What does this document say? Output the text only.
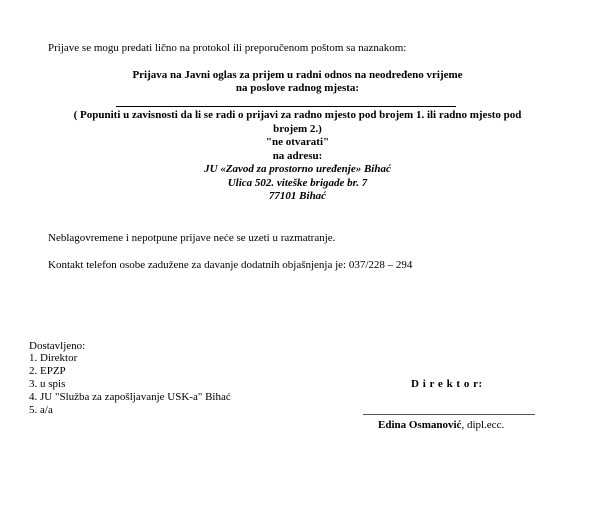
Prijave se mogu predati lično na protokol ili preporučenom poštom sa naznakom:
Prijava na Javni oglas za prijem u radni odnos na neodređeno vrijeme
na poslove radnog mjesta:
( Popuniti u zavisnosti da li se radi o prijavi za radno mjesto pod brojem 1. ili radno mjesto pod
brojem 2.)
"ne otvarati"
na adresu:
JU «Zavod za prostorno uređenje» Bihać
Ulica 502. viteške brigade br. 7
77101 Bihać
Neblagovremene i nepotpune prijave neće se uzeti u razmatranje.
Kontakt telefon osobe zadužene za davanje dodatnih objašnjenja je: 037/228 – 294
Dostavljeno:
1. Direktor
2. EPZP
3. u spis
4. JU "Služba za zapošljavanje USK-a" Bihać
5. a/a
D i r e k t o r:
Edina Osmanović, dipl.ecc.
